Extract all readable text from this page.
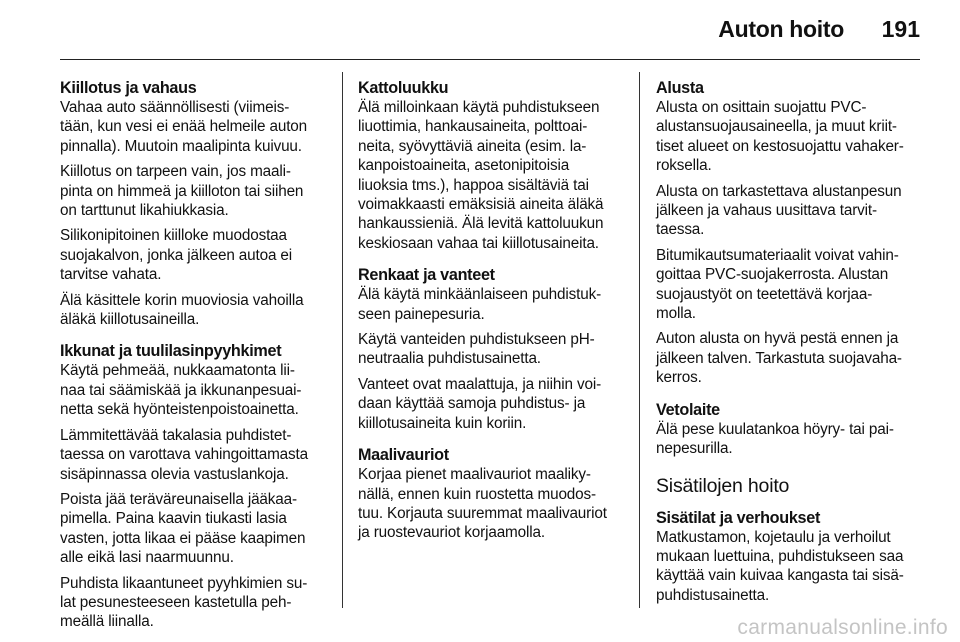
Auton hoito 191
Kiillotus ja vahaus

Vahaa auto säännöllisesti (viimeis-
tään, kun vesi ei enää helmeile auton
pinnalla). Muutoin maalipinta kuivuu.

Kiillotus on tarpeen vain, jos maali-
pinta on himmeä ja kiilloton tai siihen
on tarttunut likahiukkasia.

Silikonipitoinen kiilloke muodostaa
suojakalvon, jonka jälkeen autoa ei
tarvitse vahata.

Älä käsittele korin muoviosia vahoilla
äläkä kiillotusaineilla.

Ikkunat ja tuulilasinpyyhkimet

Käytä pehmeää, nukkaamatonta lii-
naa tai säämiskää ja ikkunanpesuai-
netta sekä hyönteistenpoistoainetta.

Lämmitettävää takalasia puhdistet-
taessa on varottava vahingoittamasta
sisäpinnassa olevia vastuslankoja.

Poista jää teräväreunaisella jääkaa-
pimella. Paina kaavin tiukasti lasia
vasten, jotta likaa ei pääse kaapimen
alle eikä lasi naarmuunnu.

Puhdista likaantuneet pyyhkimien su-
lat pesunesteeseen kastetulla peh-
meällä liinalla.

Kattoluukku

Älä milloinkaan käytä puhdistukseen
liuottimia, hankausaineita, polttoai-
neita, syövyttäviä aineita (esim. la-
kanpoistoaineita, asetonipitoisia
liuoksia tms.), happoa sisältäviä tai
voimakkaasti emäksisiä aineita äläkä
hankaussieniä. Älä levitä kattoluukun
keskiosaan vahaa tai kiillotusaineita.

Renkaat ja vanteet

Älä käytä minkäänlaiseen puhdistuk-
seen painepesuria.

Käytä vanteiden puhdistukseen pH-
neutraalia puhdistusainetta.

Vanteet ovat maalattuja, ja niihin voi-
daan käyttää samoja puhdistus- ja
kiillotusaineita kuin koriin.

Maalivauriot

Korjaa pienet maalivauriot maaliky-
nällä, ennen kuin ruostetta muodos-
tuu. Korjauta suuremmat maalivauriot
ja ruostevauriot korjaamolla.

Alusta

Alusta on osittain suojattu PVC-
alustansuojausaineella, ja muut kriit-
tiset alueet on kestosuojattu vahaker-
roksella.

Alusta on tarkastettava alustanpesun
jälkeen ja vahaus uusittava tarvit-
taessa.

Bitumikautsumateriaalit voivat vahin-
goittaa PVC-suojakerrosta. Alustan
suojaustyöt on teetettävä korjaa-
molla.

Auton alusta on hyvä pestä ennen ja
jälkeen talven. Tarkastuta suojavaha-
kerros.

Vetolaite

Älä pese kuulatankoa höyry- tai pai-
nepesurilla.

Sisätilojen hoito
Sisätilat ja verhoukset

Matkustamon, kojetaulu ja verhoilut
mukaan luettuina, puhdistukseen saa
käyttää vain kuivaa kangasta tai sisä-
puhdistusainetta.

carmanualsonline.info
